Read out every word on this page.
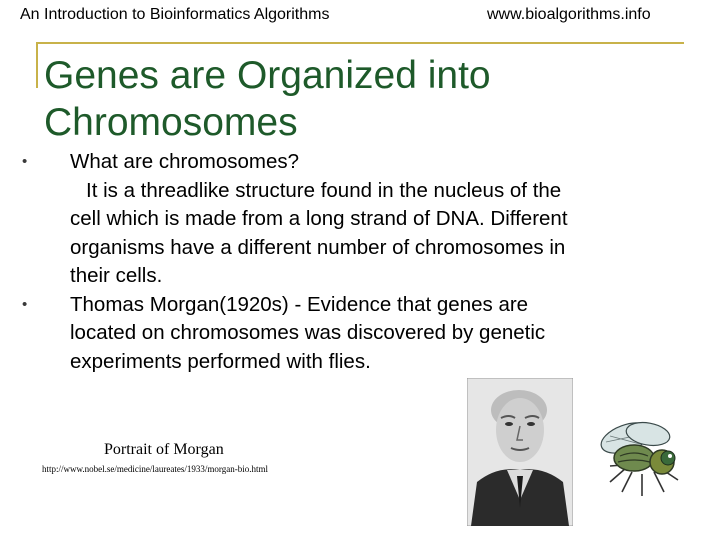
An Introduction to Bioinformatics Algorithms	www.bioalgorithms.info
Genes are Organized into
Chromosomes
• What are chromosomes?
It is a threadlike structure found in the nucleus of the
cell which is made from a long strand of DNA. Different
organisms have a different number of chromosomes in
their cells.
• Thomas Morgan(1920s) - Evidence that genes are
located on chromosomes was discovered by genetic
experiments performed with flies.
Portrait of Morgan
http://www.nobel.se/medicine/laureates/1933/morgan-bio.html
